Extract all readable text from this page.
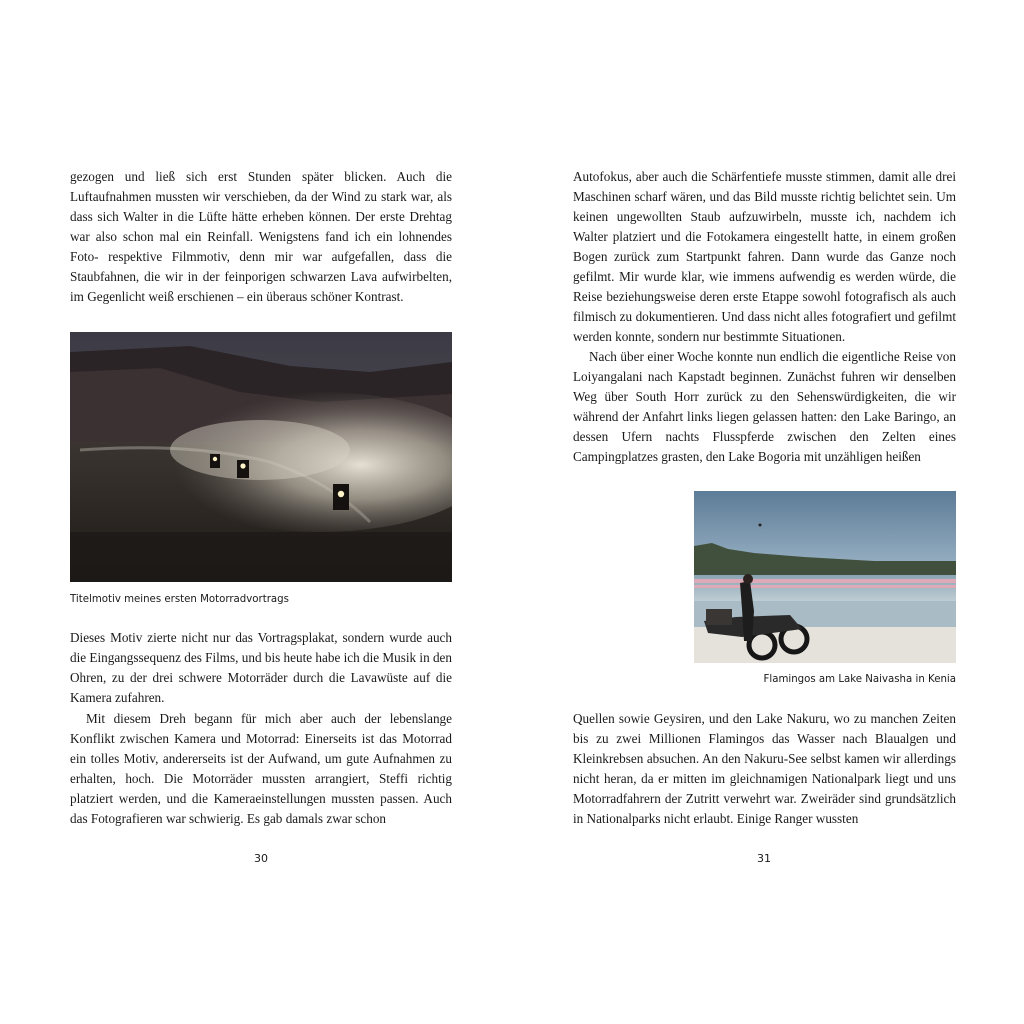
gezogen und ließ sich erst Stunden später blicken. Auch die Luftaufnahmen mussten wir verschieben, da der Wind zu stark war, als dass sich Walter in die Lüfte hätte erheben können. Der erste Drehtag war also schon mal ein Reinfall. Wenigstens fand ich ein lohnendes Foto- respektive Filmmotiv, denn mir war aufgefallen, dass die Staubfahnen, die wir in der feinporigen schwarzen Lava aufwirbelten, im Gegenlicht weiß erschienen – ein überaus schöner Kontrast.

Titelmotiv meines ersten Motorradvortrags

Dieses Motiv zierte nicht nur das Vortragsplakat, sondern wurde auch die Eingangssequenz des Films, und bis heute habe ich die Musik in den Ohren, zu der drei schwere Motorräder durch die Lavawüste auf die Kamera zufahren.

Mit diesem Dreh begann für mich aber auch der lebenslange Konflikt zwischen Kamera und Motorrad: Einerseits ist das Motorrad ein tolles Motiv, andererseits ist der Aufwand, um gute Aufnahmen zu erhalten, hoch. Die Motorräder mussten arrangiert, Steffi richtig platziert werden, und die Kameraeinstellungen mussten passen. Auch das Fotografieren war schwierig. Es gab damals zwar schon

30

Autofokus, aber auch die Schärfentiefe musste stimmen, damit alle drei Maschinen scharf wären, und das Bild musste richtig belichtet sein. Um keinen ungewollten Staub aufzuwirbeln, musste ich, nachdem ich Walter platziert und die Fotokamera eingestellt hatte, in einem großen Bogen zurück zum Startpunkt fahren. Dann wurde das Ganze noch gefilmt. Mir wurde klar, wie immens aufwendig es werden würde, die Reise beziehungsweise deren erste Etappe sowohl fotografisch als auch filmisch zu dokumentieren. Und dass nicht alles fotografiert und gefilmt werden konnte, sondern nur bestimmte Situationen.

Nach über einer Woche konnte nun endlich die eigentliche Reise von Loiyangalani nach Kapstadt beginnen. Zunächst fuhren wir denselben Weg über South Horr zurück zu den Sehenswürdigkeiten, die wir während der Anfahrt links liegen gelassen hatten: den Lake Baringo, an dessen Ufern nachts Flusspferde zwischen den Zelten eines Campingplatzes grasten, den Lake Bogoria mit unzähligen heißen

Flamingos am Lake Naivasha in Kenia

Quellen sowie Geysiren, und den Lake Nakuru, wo zu manchen Zeiten bis zu zwei Millionen Flamingos das Wasser nach Blaualgen und Kleinkrebsen absuchen. An den Nakuru-See selbst kamen wir allerdings nicht heran, da er mitten im gleichnamigen Nationalpark liegt und uns Motorradfahrern der Zutritt verwehrt war. Zweiräder sind grundsätzlich in Nationalparks nicht erlaubt. Einige Ranger wussten

31
